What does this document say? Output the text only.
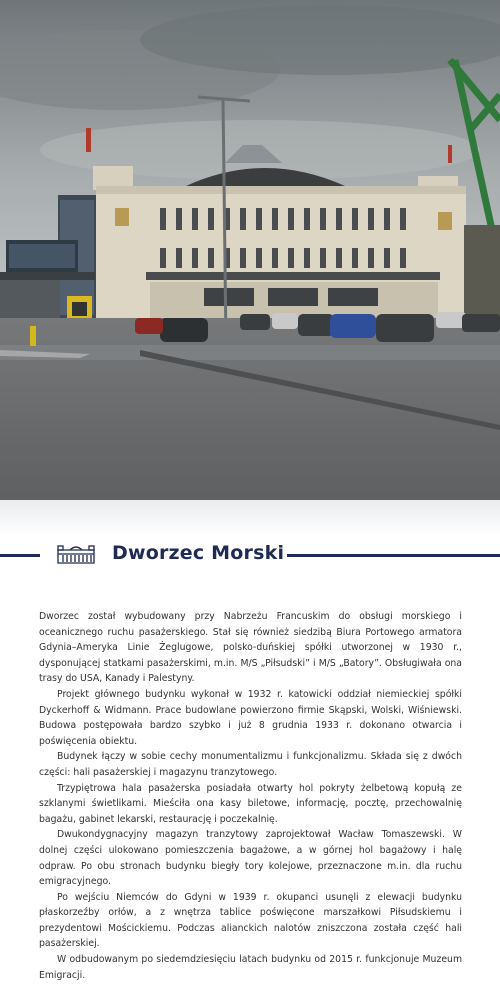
Dworzec Morski

Dworzec został wybudowany przy Nabrzeżu Francuskim do obsługi morskiego i oceanicznego ruchu pasażerskiego. Stał się również siedzibą Biura Portowego armatora Gdynia–Ameryka Linie Żeglugowe, polsko-duńskiej spółki utworzonej w 1930 r., dysponującej statkami pasażerskimi, m.in. M/S „Piłsudski” i M/S „Batory”. Obsługiwała ona trasy do USA, Kanady i Palestyny.

Projekt głównego budynku wykonał w 1932 r. katowicki oddział niemieckiej spółki Dyckerhoff & Widmann. Prace budowlane powierzono firmie Skąpski, Wolski, Wiśniewski. Budowa postępowała bardzo szybko i już 8 grudnia 1933 r. dokonano otwarcia i poświęcenia obiektu.

Budynek łączy w sobie cechy monumentalizmu i funkcjonalizmu. Składa się z dwóch części: hali pasażerskiej i magazynu tranzytowego.

Trzypiętrowa hala pasażerska posiadała otwarty hol pokryty żelbetową kopułą ze szklanymi świetlikami. Mieściła ona kasy biletowe, informację, pocztę, przechowalnię bagażu, gabinet lekarski, restaurację i poczekalnię.

Dwukondygnacyjny magazyn tranzytowy zaprojektował Wacław Tomaszewski. W dolnej części ulokowano pomieszczenia bagażowe, a w górnej hol bagażowy i halę odpraw. Po obu stronach budynku biegły tory kolejowe, przeznaczone m.in. dla ruchu emigracyjnego.

Po wejściu Niemców do Gdyni w 1939 r. okupanci usunęli z elewacji budynku płaskorzeźby orłów, a z wnętrza tablice poświęcone marszałkowi Piłsudskiemu i prezydentowi Mościckiemu. Podczas alianckich nalotów zniszczona została część hali pasażerskiej.

W odbudowanym po siedemdziesięciu latach budynku od 2015 r. funkcjonuje Muzeum Emigracji.
